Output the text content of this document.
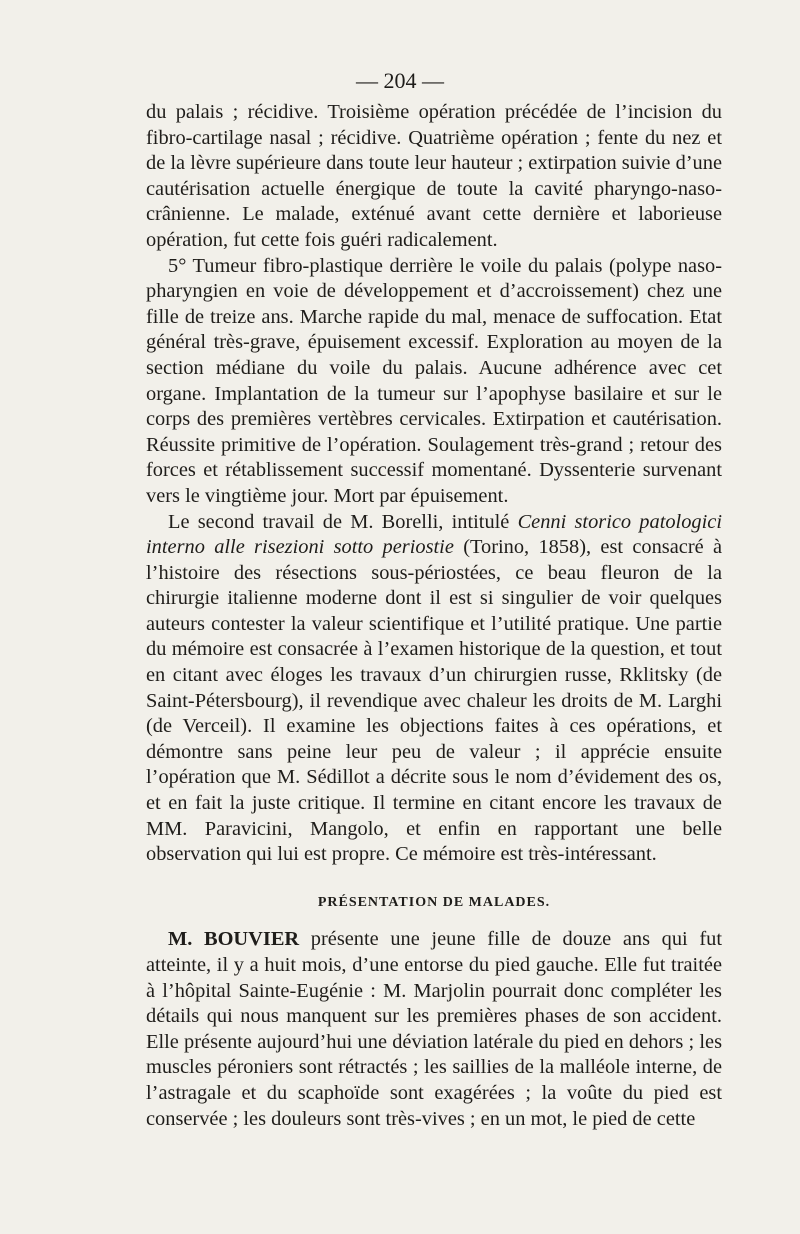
— 204 —

du palais ; récidive. Troisième opération précédée de l’incision du fibro-cartilage nasal ; récidive. Quatrième opération ; fente du nez et de la lèvre supérieure dans toute leur hauteur ; extirpation suivie d’une cautérisation actuelle énergique de toute la cavité pharyngo-naso-crânienne. Le malade, exténué avant cette dernière et laborieuse opération, fut cette fois guéri radicalement.

5° Tumeur fibro-plastique derrière le voile du palais (polype naso-pharyngien en voie de développement et d’accroissement) chez une fille de treize ans. Marche rapide du mal, menace de suffocation. Etat général très-grave, épuisement excessif. Exploration au moyen de la section médiane du voile du palais. Aucune adhérence avec cet organe. Implantation de la tumeur sur l’apophyse basilaire et sur le corps des premières vertèbres cervicales. Extirpation et cautérisation. Réussite primitive de l’opération. Soulagement très-grand ; retour des forces et rétablissement successif momentané. Dyssenterie survenant vers le vingtième jour. Mort par épuisement.

Le second travail de M. Borelli, intitulé Cenni storico patologici interno alle risezioni sotto periostie (Torino, 1858), est consacré à l’histoire des résections sous-périostées, ce beau fleuron de la chirurgie italienne moderne dont il est si singulier de voir quelques auteurs contester la valeur scientifique et l’utilité pratique. Une partie du mémoire est consacrée à l’examen historique de la question, et tout en citant avec éloges les travaux d’un chirurgien russe, Rklitsky (de Saint-Pétersbourg), il revendique avec chaleur les droits de M. Larghi (de Verceil). Il examine les objections faites à ces opérations, et démontre sans peine leur peu de valeur ; il apprécie ensuite l’opération que M. Sédillot a décrite sous le nom d’évidement des os, et en fait la juste critique. Il termine en citant encore les travaux de MM. Paravicini, Mangolo, et enfin en rapportant une belle observation qui lui est propre. Ce mémoire est très-intéressant.

PRÉSENTATION DE MALADES.

M. BOUVIER présente une jeune fille de douze ans qui fut atteinte, il y a huit mois, d’une entorse du pied gauche. Elle fut traitée à l’hôpital Sainte-Eugénie : M. Marjolin pourrait donc compléter les détails qui nous manquent sur les premières phases de son accident. Elle présente aujourd’hui une déviation latérale du pied en dehors ; les muscles péroniers sont rétractés ; les saillies de la malléole interne, de l’astragale et du scaphoïde sont exagérées ; la voûte du pied est conservée ; les douleurs sont très-vives ; en un mot, le pied de cette
